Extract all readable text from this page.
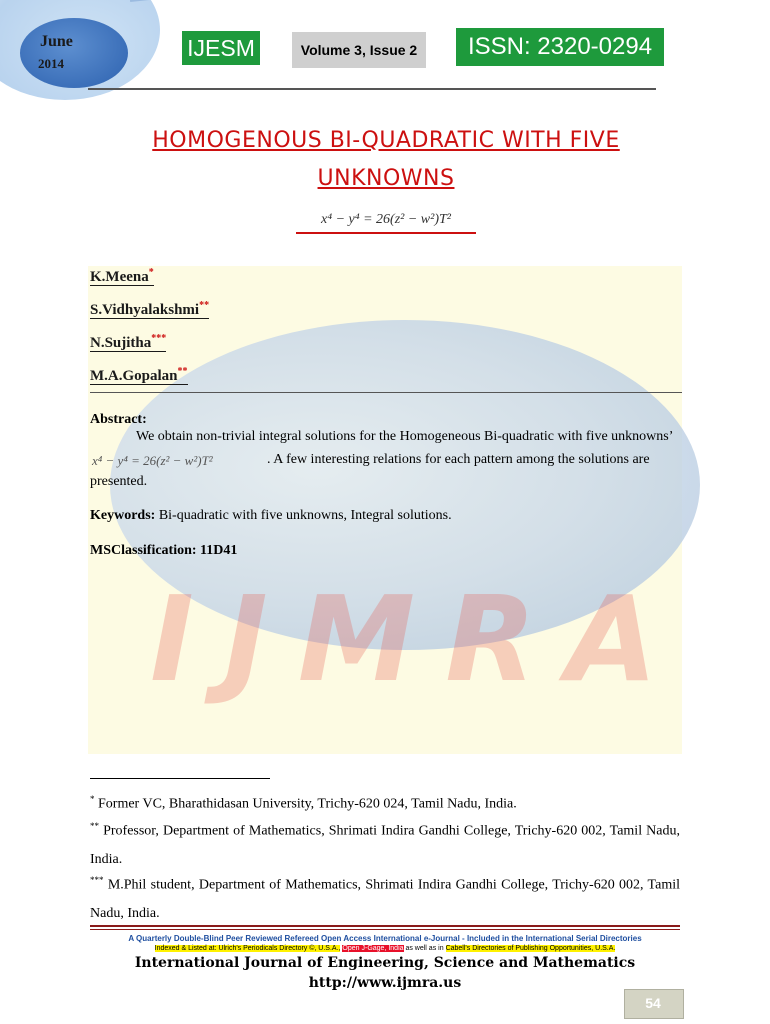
June
2014
IJESM	Volume 3, Issue 2	ISSN: 2320-0294
HOMOGENOUS BI-QUADRATIC WITH FIVE UNKNOWNS
x⁴ − y⁴ = 26(z² − w²)T²
IJMRA
K.Meena*
S.Vidhyalakshmi**
N.Sujitha***
M.A.Gopalan**
Abstract:
We obtain non-trivial integral solutions for the Homogeneous Bi-quadratic with five unknowns’
x⁴ − y⁴ = 26(z² − w²)T²	. A few interesting relations for each pattern among the solutions are
presented.
Keywords: Bi-quadratic with five unknowns, Integral solutions.
MSClassification: 11D41
* Former VC, Bharathidasan University, Trichy-620 024, Tamil Nadu, India.
** Professor, Department of Mathematics, Shrimati Indira Gandhi College, Trichy-620 002, Tamil Nadu, India.
*** M.Phil student, Department of Mathematics, Shrimati Indira Gandhi College, Trichy-620 002, Tamil Nadu, India.
A Quarterly Double-Blind Peer Reviewed Refereed Open Access International e-Journal - Included in the International Serial Directories
Indexed & Listed at: Ulrich's Periodicals Directory ©, U.S.A., Open J-Gage, India as well as in Cabell's Directories of Publishing Opportunities, U.S.A.
International Journal of Engineering, Science and Mathematics
http://www.ijmra.us
54
